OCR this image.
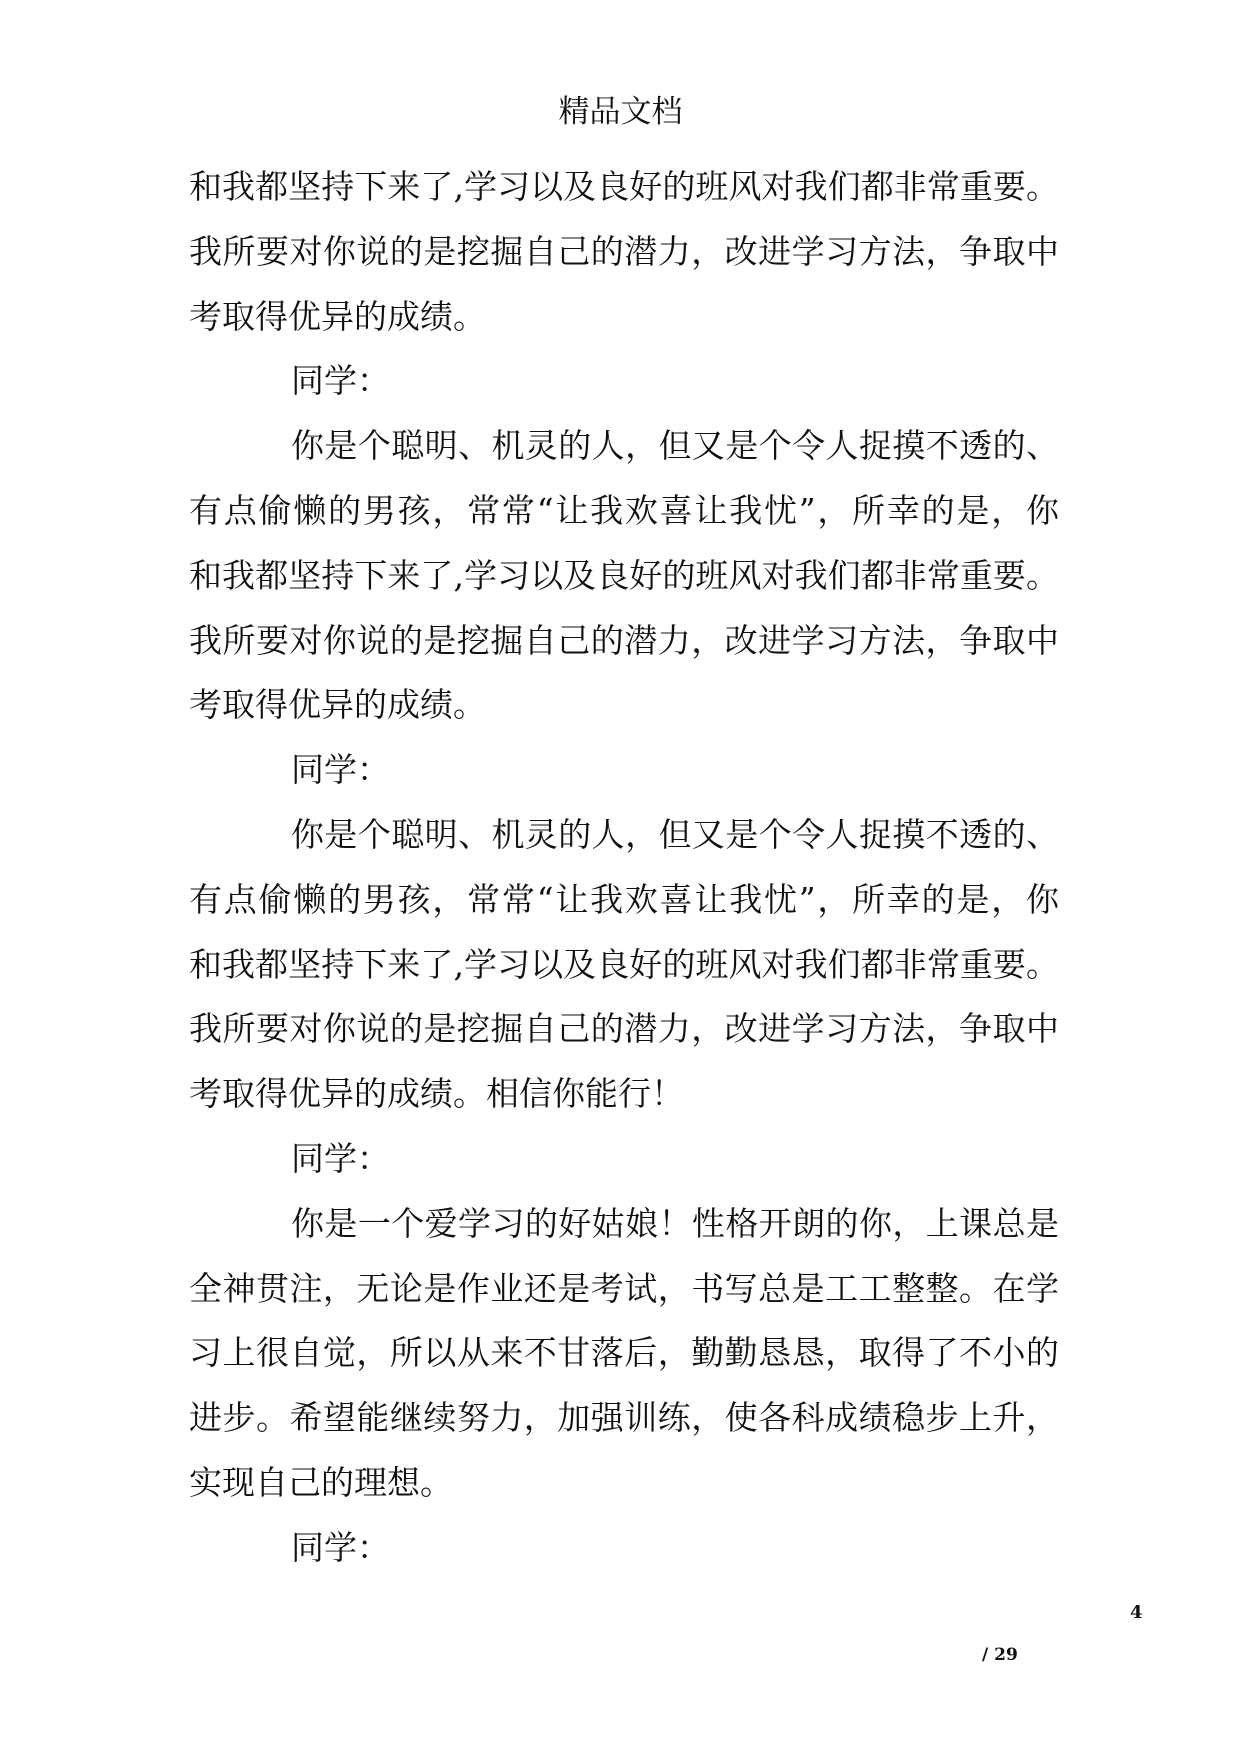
精品文档
和我都坚持下来了,学习以及良好的班风对我们都非常重要。
我所要对你说的是挖掘自己的潜力，改进学习方法，争取中
考取得优异的成绩。
同学：
你是个聪明、机灵的人，但又是个令人捉摸不透的、
有点偷懒的男孩，常常“让我欢喜让我忧”，所幸的是，你
和我都坚持下来了,学习以及良好的班风对我们都非常重要。
我所要对你说的是挖掘自己的潜力，改进学习方法，争取中
考取得优异的成绩。
同学：
你是个聪明、机灵的人，但又是个令人捉摸不透的、
有点偷懒的男孩，常常“让我欢喜让我忧”，所幸的是，你
和我都坚持下来了,学习以及良好的班风对我们都非常重要。
我所要对你说的是挖掘自己的潜力，改进学习方法，争取中
考取得优异的成绩。相信你能行！
同学：
你是一个爱学习的好姑娘！性格开朗的你，上课总是
全神贯注，无论是作业还是考试，书写总是工工整整。在学
习上很自觉，所以从来不甘落后，勤勤恳恳，取得了不小的
进步。希望能继续努力，加强训练，使各科成绩稳步上升，
实现自己的理想。
同学：
4
/ 29
